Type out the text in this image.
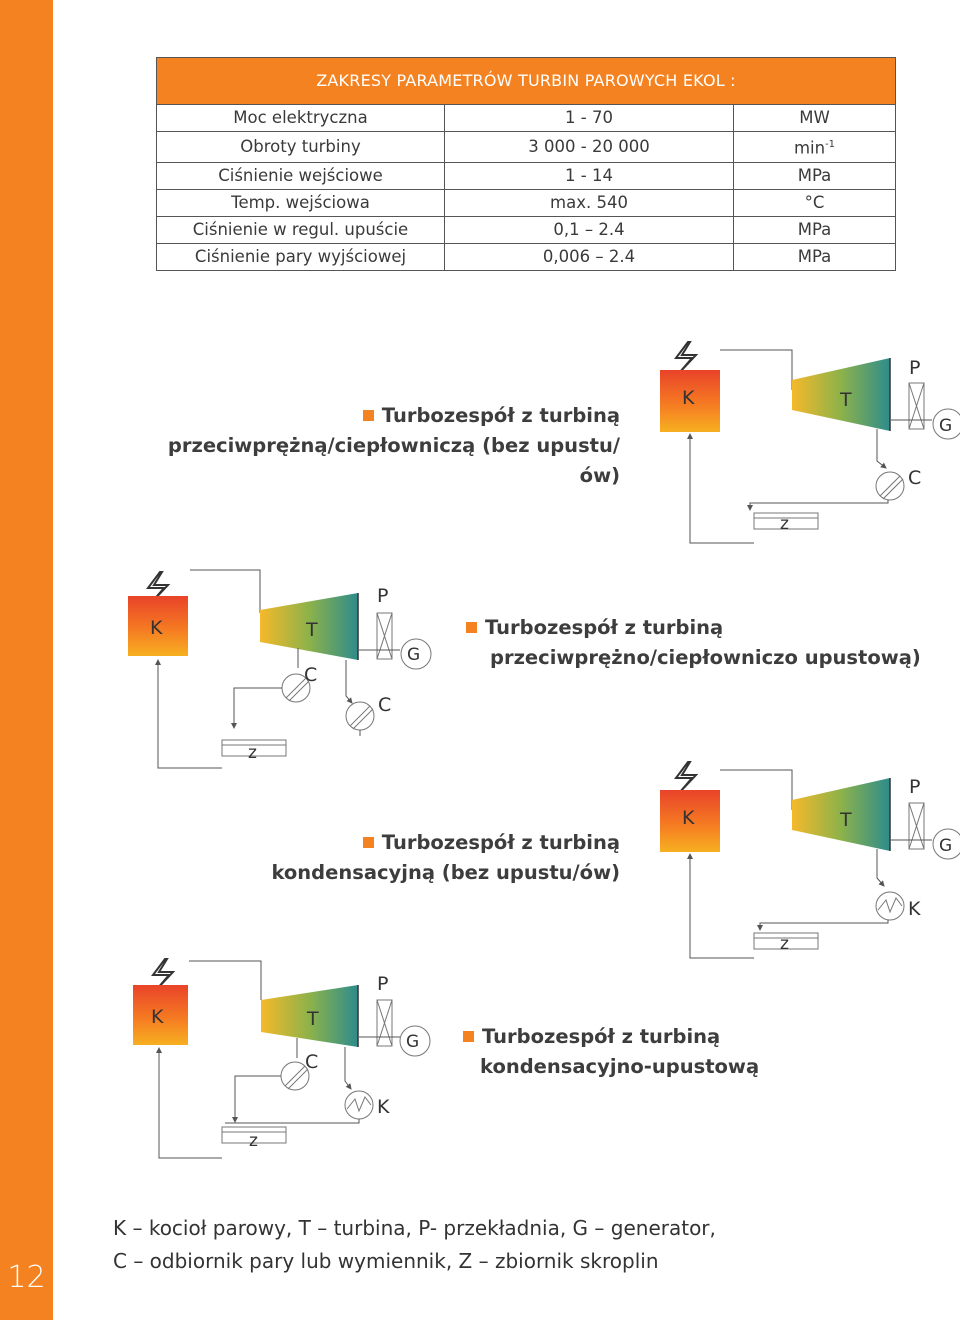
12
ZAKRESY PARAMETRÓW TURBIN PAROWYCH EKOL :		
Moc elektryczna	1 - 70	MW
Obroty turbiny	3 000 - 20 000	$\min^{-1}$
Ciśnienie wejściowe	1 - 14	MPa
Temp. wejściowa	max. 540	°C
Ciśnienie w regul. upuście	0,1 – 2.4	MPa
Ciśnienie pary wyjściowej	0,006 – 2.4	MPa
Turbozespół z turbiną
przeciwprężną/ciepłowniczą (bez upustu/ów)
K	T
P
G
C
z
K	T
P
G
C
C
z
Turbozespół z turbiną
przeciwprężno/ciepłowniczo upustową)
Turbozespół z turbiną
kondensacyjną (bez upustu/ów)
K	T
P
G
K
z
K	T
P
G
C
K
z
Turbozespół z turbiną
kondensacyjno-upustową
K – kocioł parowy, T – turbina, P- przekładnia, G – generator,
C – odbiornik pary lub wymiennik, Z – zbiornik skroplin
